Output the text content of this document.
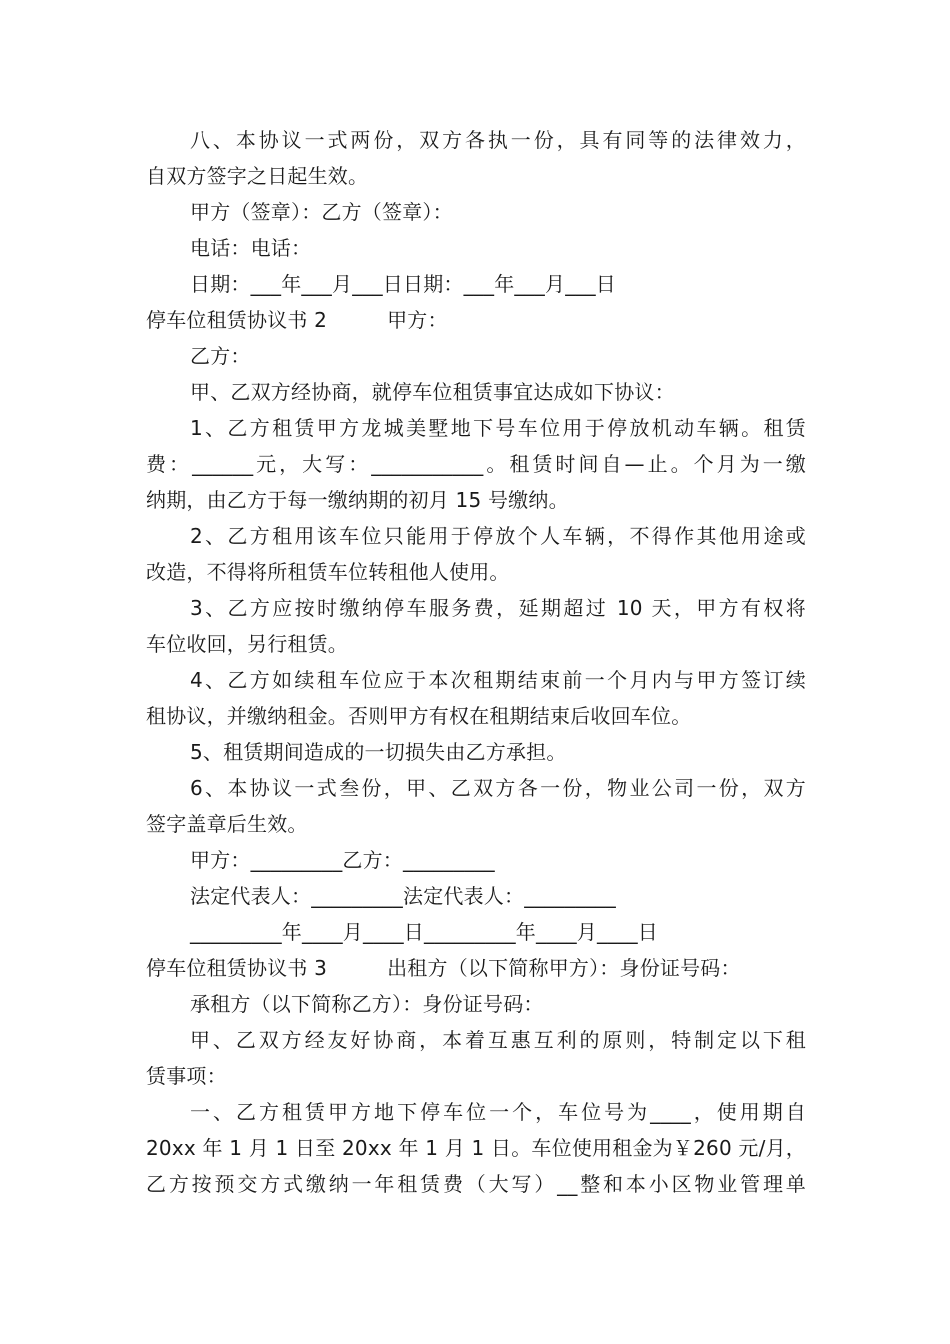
八、本协议一式两份，双方各执一份，具有同等的法律效力，
自双方签字之日起生效。
甲方（签章）：乙方（签章）：
电话：电话：
日期：___年___月___日日期：___年___月___日
停车位租赁协议书 2	甲方：
乙方：
甲、乙双方经协商，就停车位租赁事宜达成如下协议：
1、乙方租赁甲方龙城美墅地下号车位用于停放机动车辆。租赁
费：______元，大写：___________。租赁时间自—止。个月为一缴
纳期，由乙方于每一缴纳期的初月 15 号缴纳。
2、乙方租用该车位只能用于停放个人车辆，不得作其他用途或
改造，不得将所租赁车位转租他人使用。
3、乙方应按时缴纳停车服务费，延期超过 10 天，甲方有权将
车位收回，另行租赁。
4、乙方如续租车位应于本次租期结束前一个月内与甲方签订续
租协议，并缴纳租金。否则甲方有权在租期结束后收回车位。
5、租赁期间造成的一切损失由乙方承担。
6、本协议一式叁份，甲、乙双方各一份，物业公司一份，双方
签字盖章后生效。
甲方：_________乙方：_________
法定代表人：_________法定代表人：_________
_________年____月____日_________年____月____日
停车位租赁协议书 3	出租方（以下简称甲方）：身份证号码：
承租方（以下简称乙方）：身份证号码：
甲、乙双方经友好协商，本着互惠互利的原则，特制定以下租
赁事项：
一、乙方租赁甲方地下停车位一个，车位号为____，使用期自
20xx 年 1 月 1 日至 20xx 年 1 月 1 日。车位使用租金为￥260 元/月，
乙方按预交方式缴纳一年租赁费（大写）__整和本小区物业管理单
